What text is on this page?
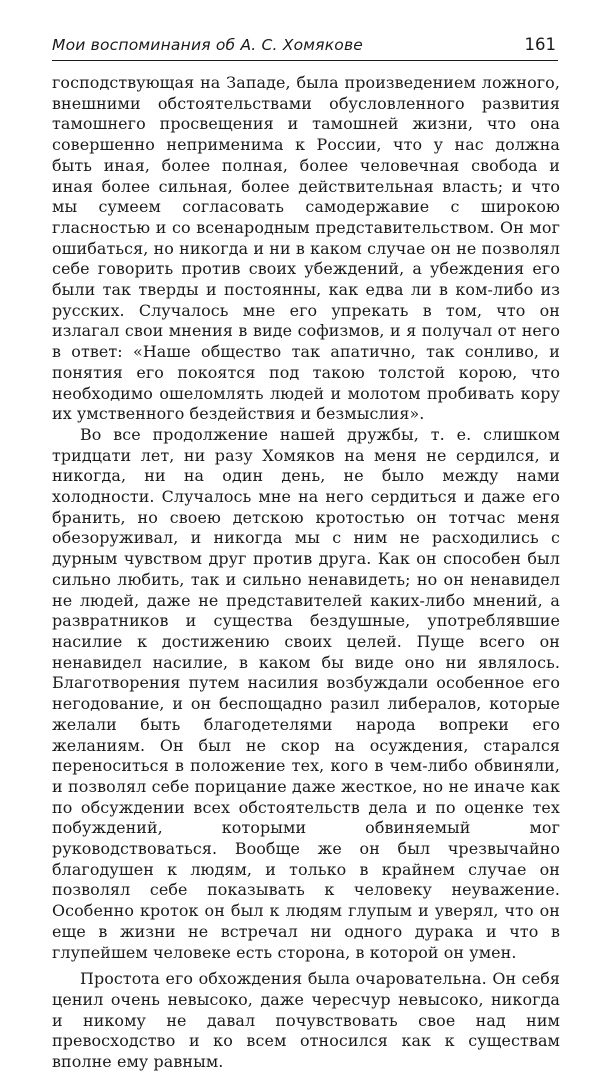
Мои воспоминания об А. С. Хомякове	161

господствующая на Западе, была произведением ложного, внешними обстоятельствами обусловленного развития тамошнего просвещения и тамошней жизни, что она совершенно неприменима к России, что у нас должна быть иная, более полная, более человечная свобода и иная более сильная, более действительная власть; и что мы сумеем согласовать самодержавие с широкою гласностью и со всенародным представительством. Он мог ошибаться, но никогда и ни в каком случае он не позволял себе говорить против своих убеждений, а убеждения его были так тверды и постоянны, как едва ли в ком-либо из русских. Случалось мне его упрекать в том, что он излагал свои мнения в виде софизмов, и я получал от него в ответ: «Наше общество так апатично, так сонливо, и понятия его покоятся под такою толстой корою, что необходимо ошеломлять людей и молотом пробивать кору их умственного бездействия и безмыслия».

Во все продолжение нашей дружбы, т. е. слишком тридцати лет, ни разу Хомяков на меня не сердился, и никогда, ни на один день, не было между нами холодности. Случалось мне на него сердиться и даже его бранить, но своею детскою кротостью он тотчас меня обезоруживал, и никогда мы с ним не расходились с дурным чувством друг против друга. Как он способен был сильно любить, так и сильно ненавидеть; но он ненавидел не людей, даже не представителей каких-либо мнений, а развратников и существа бездушные, употреблявшие насилие к достижению своих целей. Пуще всего он ненавидел насилие, в каком бы виде оно ни являлось. Благотворения путем насилия возбуждали особенное его негодование, и он беспощадно разил либералов, которые желали быть благодетелями народа вопреки его желаниям. Он был не скор на осуждения, старался переноситься в положение тех, кого в чем-либо обвиняли, и позволял себе порицание даже жесткое, но не иначе как по обсуждении всех обстоятельств дела и по оценке тех побуждений, которыми обвиняемый мог руководствоваться. Вообще же он был чрезвычайно благодушен к людям, и только в крайнем случае он позволял себе показывать к человеку неуважение. Особенно кроток он был к людям глупым и уверял, что он еще в жизни не встречал ни одного дурака и что в глупейшем человеке есть сторона, в которой он умен.

Простота его обхождения была очаровательна. Он себя ценил очень невысоко, даже чересчур невысоко, никогда и никому не давал почувствовать свое над ним превосходство и ко всем относился как к существам вполне ему равным.
